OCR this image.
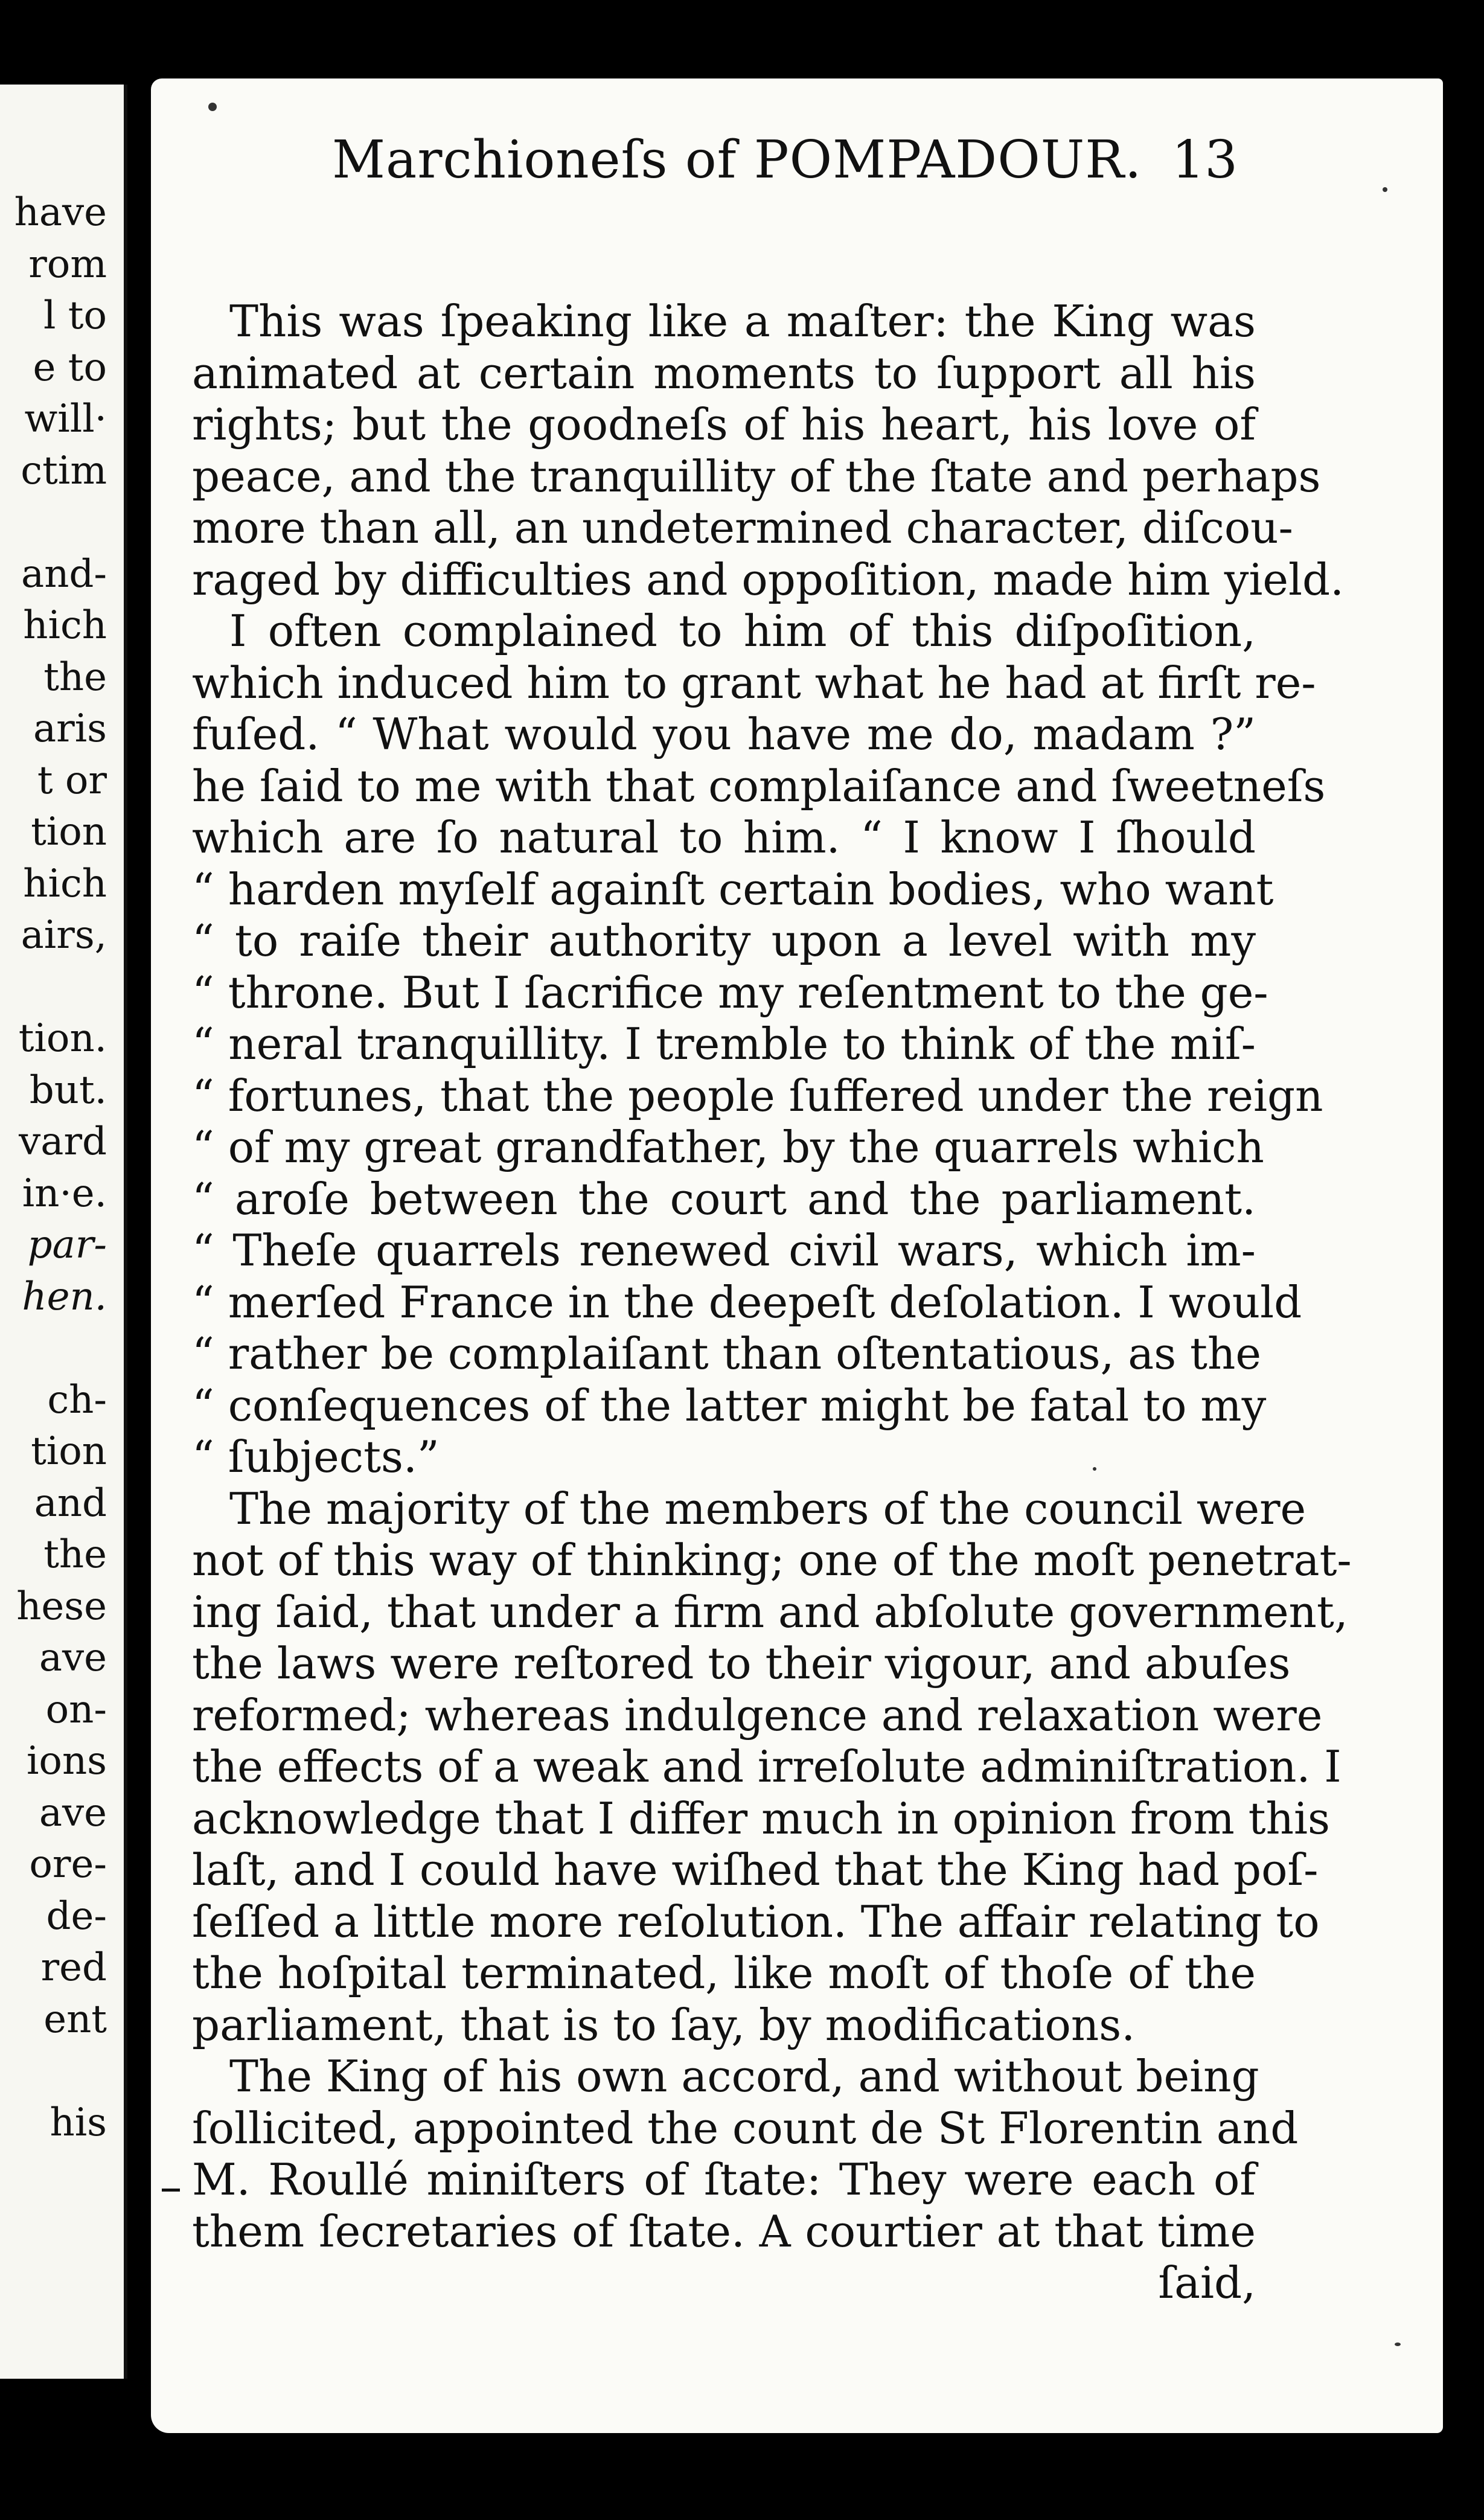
have
rom
l to
e to
will·
ctim
and-
hich
the
aris
t or
tion
hich
airs,
tion.
but.
vard
in·e.
par-
hen.
ch-
tion
and
the
hese
ave
on-
ions
ave
ore-
de-
red
ent
his
Marchioneſs of POMPADOUR. 13
This was ſpeaking like a maſter: the King was
animated at certain moments to ſupport all his
rights; but the goodneſs of his heart, his love of
peace, and the tranquillity of the ſtate and perhaps
more than all, an undetermined character, diſcou-
raged by difficulties and oppoſition, made him yield.
I often complained to him of this diſpoſition,
which induced him to grant what he had at firſt re-
fuſed. “ What would you have me do, madam ?”
he ſaid to me with that complaiſance and ſweetneſs
which are ſo natural to him. “ I know I ſhould
“ harden myſelf againſt certain bodies, who want
“ to raiſe their authority upon a level with my
“ throne. But I ſacrifice my reſentment to the ge-
“ neral tranquillity. I tremble to think of the miſ-
“ fortunes, that the people ſuffered under the reign
“ of my great grandfather, by the quarrels which
“ aroſe between the court and the parliament.
“ Theſe quarrels renewed civil wars, which im-
“ merſed France in the deepeſt deſolation. I would
“ rather be complaiſant than oſtentatious, as the
“ conſequences of the latter might be fatal to my
“ ſubjects.”
The majority of the members of the council were
not of this way of thinking; one of the moſt penetrat-
ing ſaid, that under a firm and abſolute government,
the laws were reſtored to their vigour, and abuſes
reformed; whereas indulgence and relaxation were
the effects of a weak and irreſolute adminiſtration. I
acknowledge that I differ much in opinion from this
laſt, and I could have wiſhed that the King had poſ-
ſeſſed a little more reſolution. The affair relating to
the hoſpital terminated, like moſt of thoſe of the
parliament, that is to ſay, by modifications.
The King of his own accord, and without being
ſollicited, appointed the count de St Florentin and
M. Roullé miniſters of ſtate: They were each of
them ſecretaries of ſtate. A courtier at that time
ſaid,
